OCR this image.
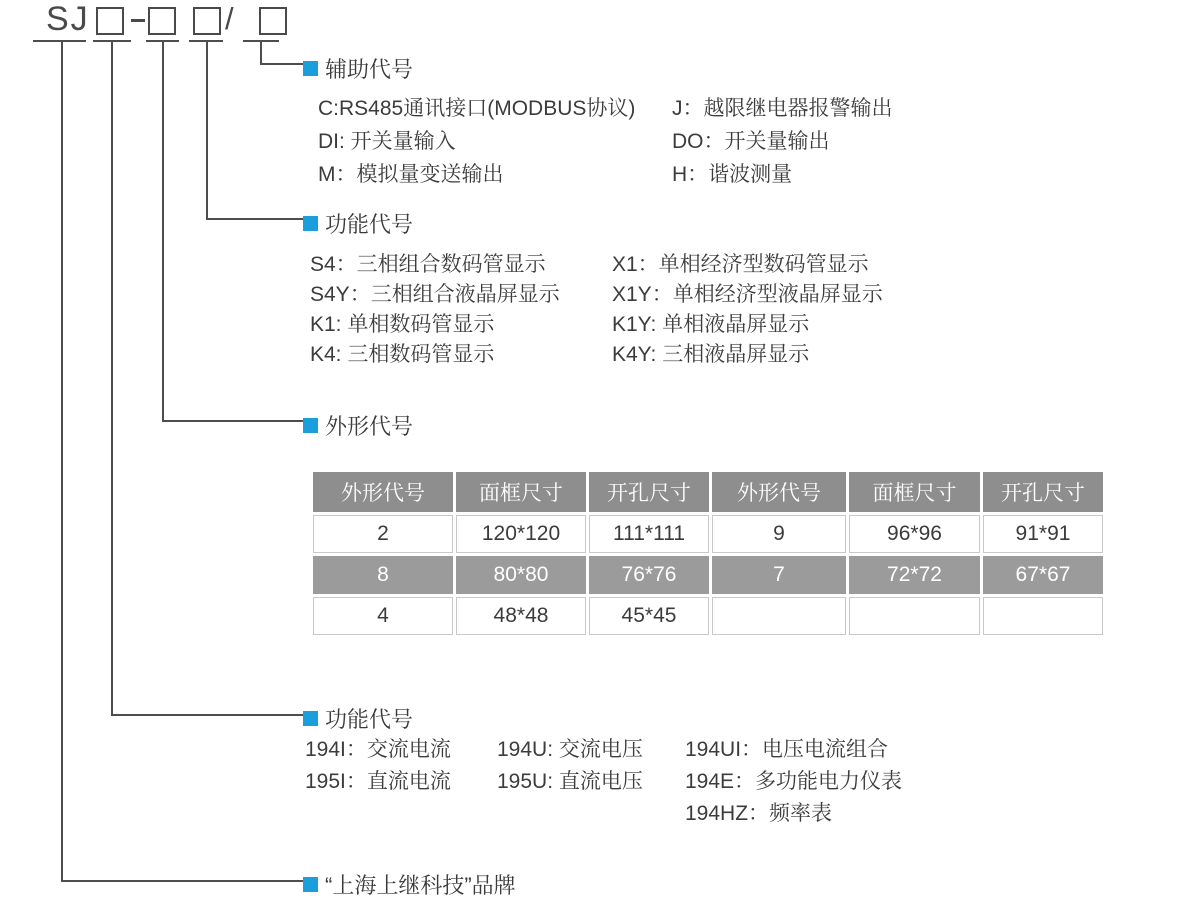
SJ	/
辅助代号
C:RS485通讯接口(MODBUS协议)
DI: 开关量输入
M：模拟量变送输出
J：越限继电器报警输出
DO：开关量输出
H：谐波测量
功能代号
S4：三相组合数码管显示
S4Y：三相组合液晶屏显示
K1: 单相数码管显示
K4: 三相数码管显示
X1：单相经济型数码管显示
X1Y：单相经济型液晶屏显示
K1Y: 单相液晶屏显示
K4Y: 三相液晶屏显示
外形代号
外形代号	面框尺寸	开孔尺寸	外形代号	面框尺寸	开孔尺寸
2	120*120	111*111	9	96*96	91*91
8	80*80	76*76	7	72*72	67*67
4	48*48	45*45			
功能代号
194I：交流电流
195I：直流电流
194U: 交流电压
195U: 直流电压
194UI：电压电流组合
194E：多功能电力仪表
194HZ：频率表
“上海上继科技”品牌
